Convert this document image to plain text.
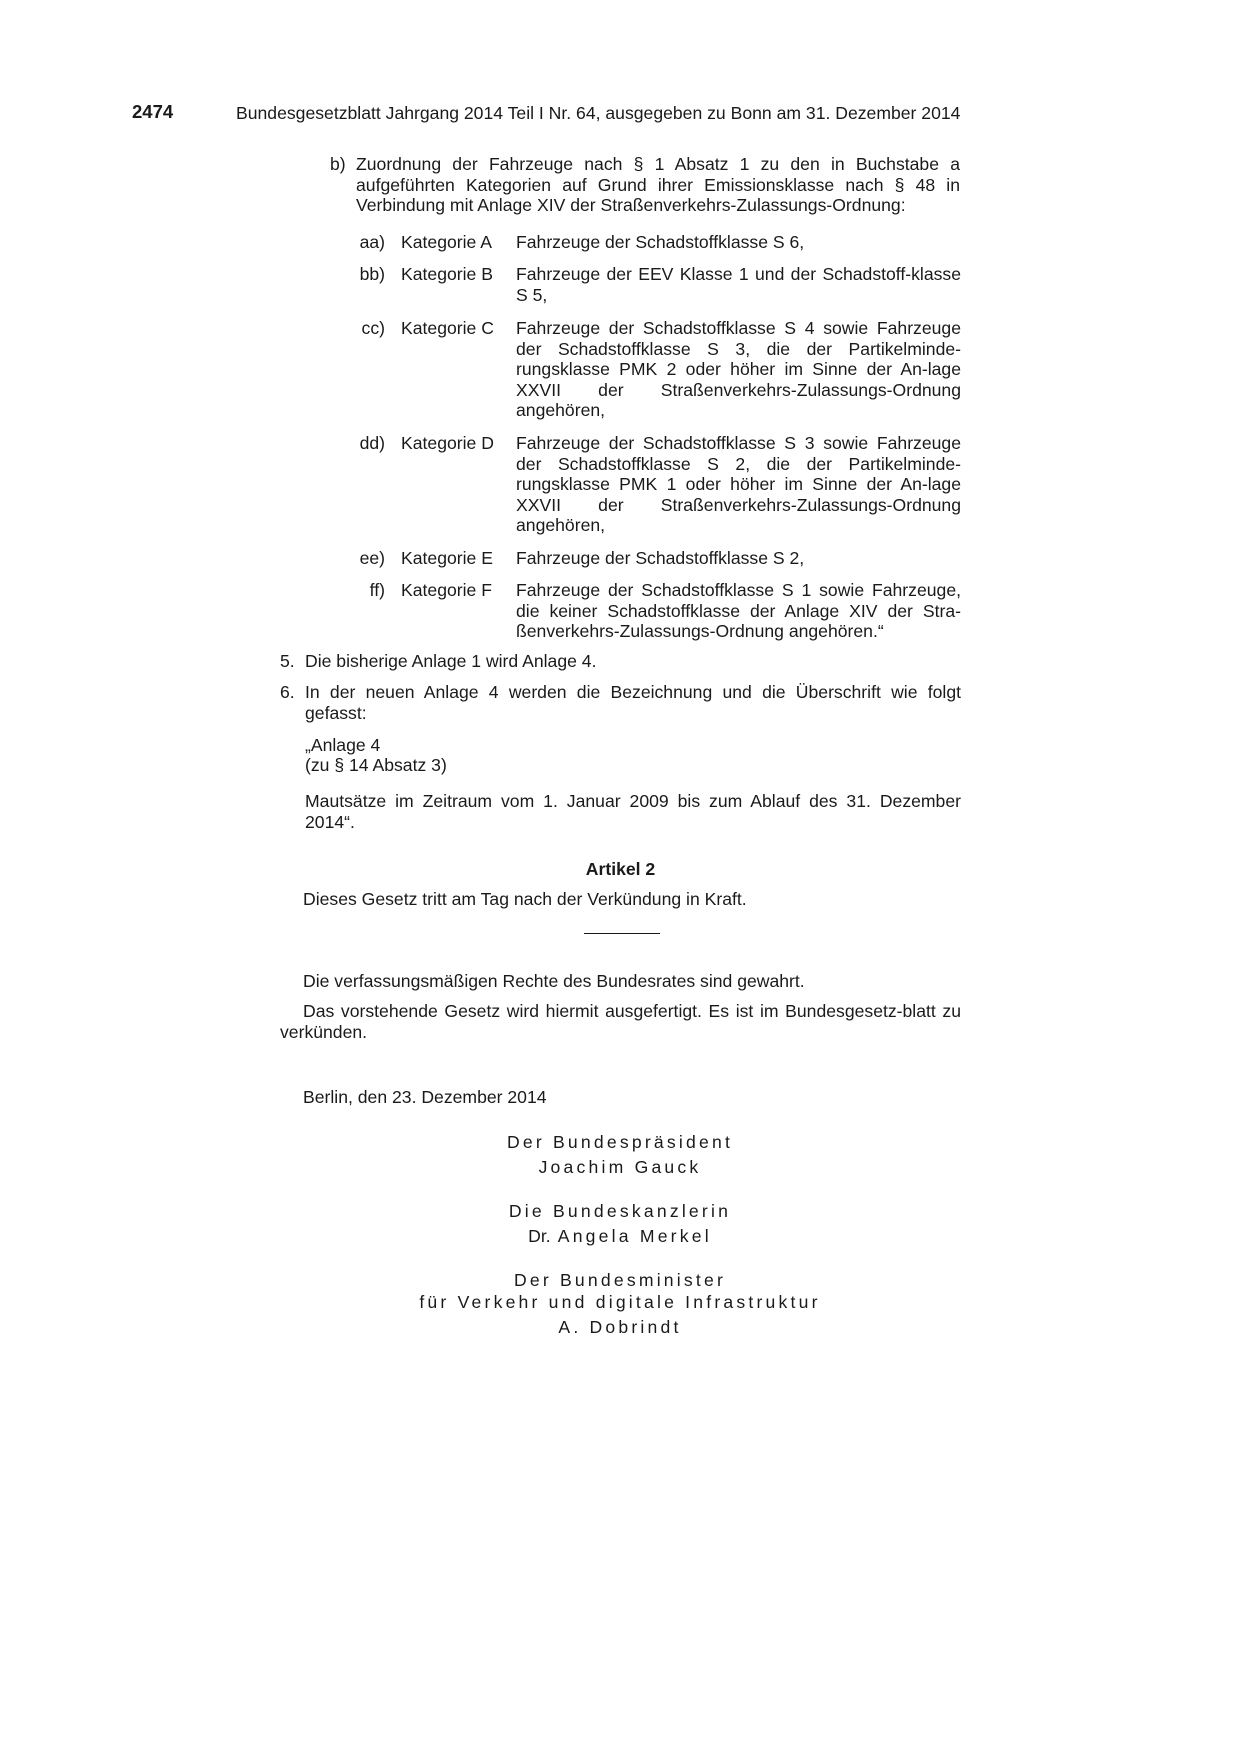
2474	Bundesgesetzblatt Jahrgang 2014 Teil I Nr. 64, ausgegeben zu Bonn am 31. Dezember 2014
b) Zuordnung der Fahrzeuge nach § 1 Absatz 1 zu den in Buchstabe a aufgeführten Kategorien auf Grund ihrer Emissionsklasse nach § 48 in Verbindung mit Anlage XIV der Straßenverkehrs-Zulassungs-Ordnung:
aa) Kategorie A	Fahrzeuge der Schadstoffklasse S 6,
bb) Kategorie B	Fahrzeuge der EEV Klasse 1 und der Schadstoff-klasse S 5,
cc) Kategorie C	Fahrzeuge der Schadstoffklasse S 4 sowie Fahrzeuge der Schadstoffklasse S 3, die der Partikelminde-rungsklasse PMK 2 oder höher im Sinne der An-lage XXVII der Straßenverkehrs-Zulassungs-Ordnung angehören,
dd) Kategorie D	Fahrzeuge der Schadstoffklasse S 3 sowie Fahrzeuge der Schadstoffklasse S 2, die der Partikelminde-rungsklasse PMK 1 oder höher im Sinne der An-lage XXVII der Straßenverkehrs-Zulassungs-Ordnung angehören,
ee) Kategorie E	Fahrzeuge der Schadstoffklasse S 2,
ff) Kategorie F	Fahrzeuge der Schadstoffklasse S 1 sowie Fahrzeuge, die keiner Schadstoffklasse der Anlage XIV der Stra-ßenverkehrs-Zulassungs-Ordnung angehören.“
5. Die bisherige Anlage 1 wird Anlage 4.
6. In der neuen Anlage 4 werden die Bezeichnung und die Überschrift wie folgt gefasst:
„Anlage 4
(zu § 14 Absatz 3)
Mautsätze im Zeitraum vom 1. Januar 2009 bis zum Ablauf des 31. Dezember 2014“.
Artikel 2
Dieses Gesetz tritt am Tag nach der Verkündung in Kraft.
Die verfassungsmäßigen Rechte des Bundesrates sind gewahrt.
Das vorstehende Gesetz wird hiermit ausgefertigt. Es ist im Bundesgesetz-blatt zu verkünden.
Berlin, den 23. Dezember 2014
Der Bundespräsident
Joachim Gauck
Die Bundeskanzlerin
Dr. Angela Merkel
Der Bundesminister
für Verkehr und digitale Infrastruktur
A. Dobrindt
